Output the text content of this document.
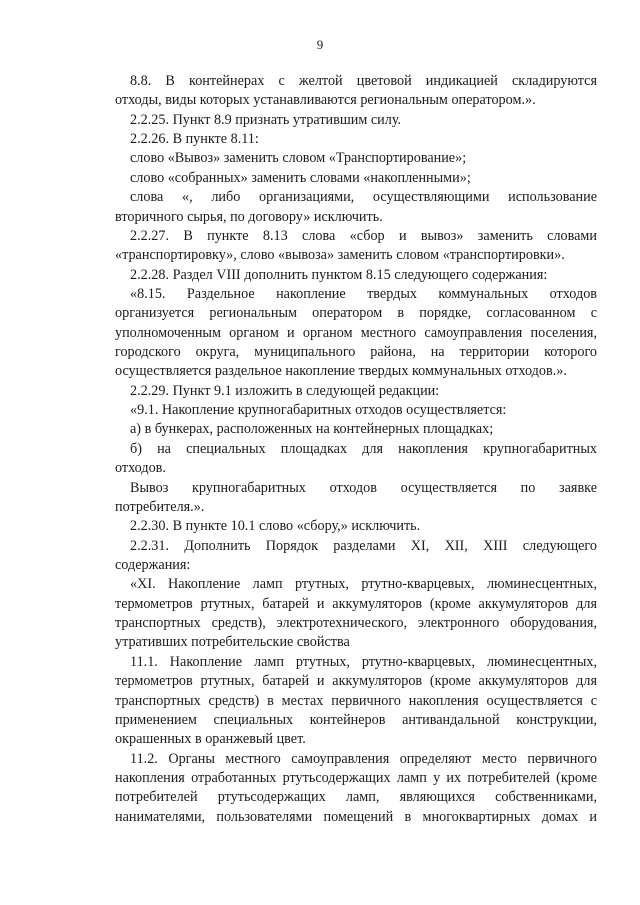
9
8.8. В контейнерах с желтой цветовой индикацией складируются
отходы, виды которых устанавливаются региональным оператором.».
2.2.25. Пункт 8.9 признать утратившим силу.
2.2.26. В пункте 8.11:
слово «Вывоз» заменить словом «Транспортирование»;
слово «собранных» заменить словами «накопленными»;
слова «, либо организациями, осуществляющими использование
вторичного сырья, по договору» исключить.
2.2.27. В пункте 8.13 слова «сбор и вывоз» заменить словами
«транспортировку», слово «вывоза» заменить словом «транспортировки».
2.2.28. Раздел VIII дополнить пунктом 8.15 следующего содержания:
«8.15. Раздельное накопление твердых коммунальных отходов
организуется региональным оператором в порядке, согласованном с
уполномоченным органом и органом местного самоуправления поселения,
городского округа, муниципального района, на территории которого
осуществляется раздельное накопление твердых коммунальных отходов.».
2.2.29. Пункт 9.1 изложить в следующей редакции:
«9.1. Накопление крупногабаритных отходов осуществляется:
а) в бункерах, расположенных на контейнерных площадках;
б) на специальных площадках для накопления крупногабаритных
отходов.
Вывоз крупногабаритных отходов осуществляется по заявке
потребителя.».
2.2.30. В пункте 10.1 слово «сбору,» исключить.
2.2.31. Дополнить Порядок разделами XI, XII, XIII следующего
содержания:
«XI. Накопление ламп ртутных, ртутно-кварцевых, люминесцентных,
термометров ртутных, батарей и аккумуляторов (кроме аккумуляторов для
транспортных средств), электротехнического, электронного оборудования,
утративших потребительские свойства
11.1. Накопление ламп ртутных, ртутно-кварцевых, люминесцентных,
термометров ртутных, батарей и аккумуляторов (кроме аккумуляторов для
транспортных средств) в местах первичного накопления осуществляется с
применением специальных контейнеров антивандальной конструкции,
окрашенных в оранжевый цвет.
11.2. Органы местного самоуправления определяют место первичного
накопления отработанных ртутьсодержащих ламп у их потребителей (кроме
потребителей ртутьсодержащих ламп, являющихся собственниками,
нанимателями, пользователями помещений в многоквартирных домах и
